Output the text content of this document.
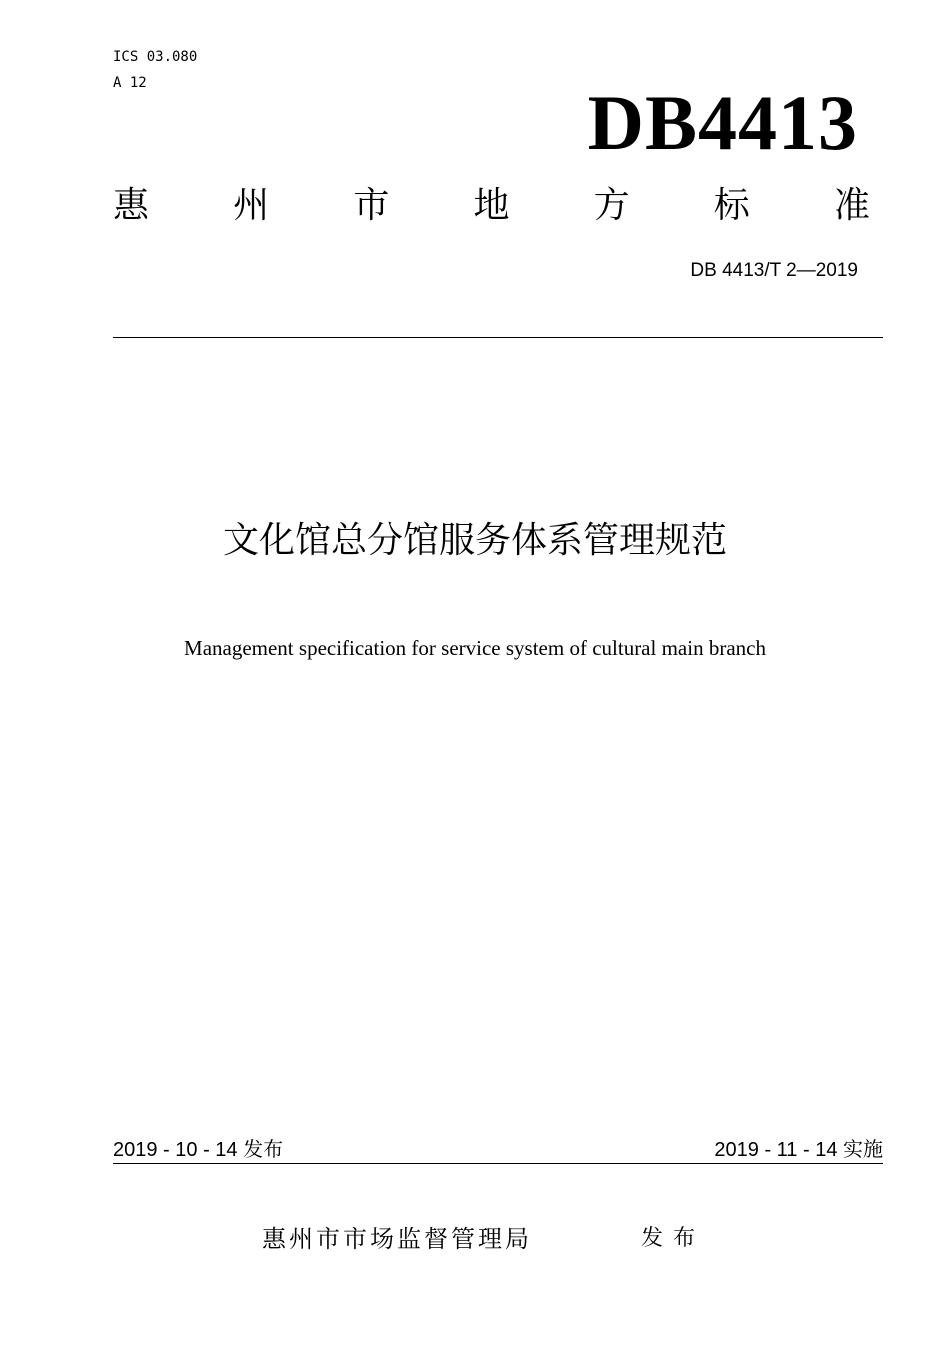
ICS 03.080
A 12	DB4413
惠 州 市 地 方 标 准
DB 4413/T 2—2019
文化馆总分馆服务体系管理规范
Management specification for service system of cultural main branch
2019 - 10 - 14 发布	2019 - 11 - 14 实施
惠州市市场监督管理局	发布
